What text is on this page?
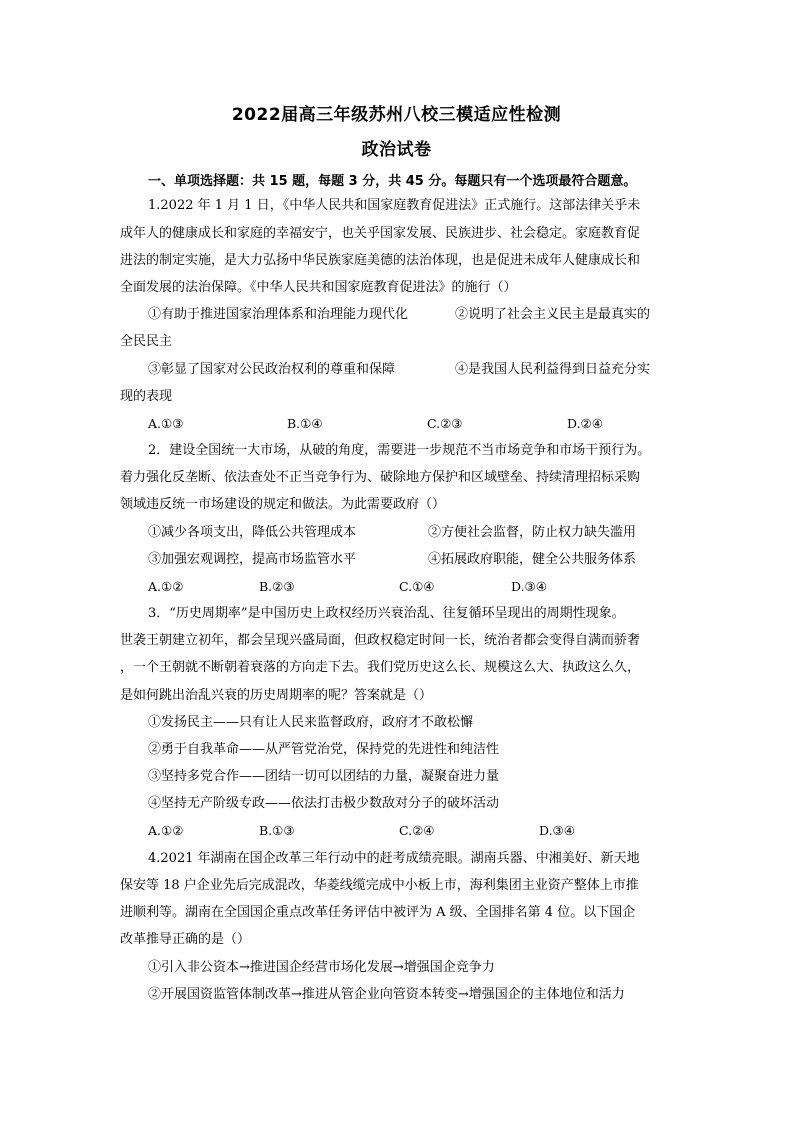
2022届高三年级苏州八校三模适应性检测
政治试卷
一、单项选择题：共 15 题，每题 3 分，共 45 分。每题只有一个选项最符合题意。
1.2022 年 1 月 1 日，《中华人民共和国家庭教育促进法》正式施行。这部法律关乎未
成年人的健康成长和家庭的幸福安宁，也关乎国家发展、民族进步、社会稳定。家庭教育促
进法的制定实施，是大力弘扬中华民族家庭美德的法治体现，也是促进未成年人健康成长和
全面发展的法治保障。《中华人民共和国家庭教育促进法》的施行（）
①有助于推进国家治理体系和治理能力现代化	②说明了社会主义民主是最真实的
全民民主
③彰显了国家对公民政治权利的尊重和保障	④是我国人民利益得到日益充分实
现的表现
A.①③	B.①④	C.②③	D.②④
2．建设全国统一大市场，从破的角度，需要进一步规范不当市场竞争和市场干预行为。
着力强化反垄断、依法查处不正当竞争行为、破除地方保护和区域壁垒、持续清理招标采购
领域违反统一市场建设的规定和做法。为此需要政府（）
①减少各项支出，降低公共管理成本	②方便社会监督，防止权力缺失滥用
③加强宏观调控，提高市场监管水平	④拓展政府职能，健全公共服务体系
A.①②	B.②③	C.①④	D.③④
3．“历史周期率”是中国历史上政权经历兴衰治乱、往复循环呈现出的周期性现象。
世袭王朝建立初年，都会呈现兴盛局面，但政权稳定时间一长，统治者都会变得自满而骄奢
，一个王朝就不断朝着衰落的方向走下去。我们党历史这么长、规模这么大、执政这么久，
是如何跳出治乱兴衰的历史周期率的呢？答案就是（）
①发扬民主——只有让人民来监督政府，政府才不敢松懈
②勇于自我革命——从严管党治党，保持党的先进性和纯洁性
③坚持多党合作——团结一切可以团结的力量，凝聚奋进力量
④坚持无产阶级专政——依法打击极少数敌对分子的破坏活动
A.①②	B.①③	C.②④	D.③④
4.2021 年湖南在国企改革三年行动中的赶考成绩亮眼。湖南兵器、中湘美好、新天地
保安等 18 户企业先后完成混改，华菱线缆完成中小板上市，海利集团主业资产整体上市推
进顺利等。湖南在全国国企重点改革任务评估中被评为 A 级、全国排名第 4 位。以下国企
改革推导正确的是（）
①引入非公资本→推进国企经营市场化发展→增强国企竞争力
②开展国资监管体制改革→推进从管企业向管资本转变→增强国企的主体地位和活力
